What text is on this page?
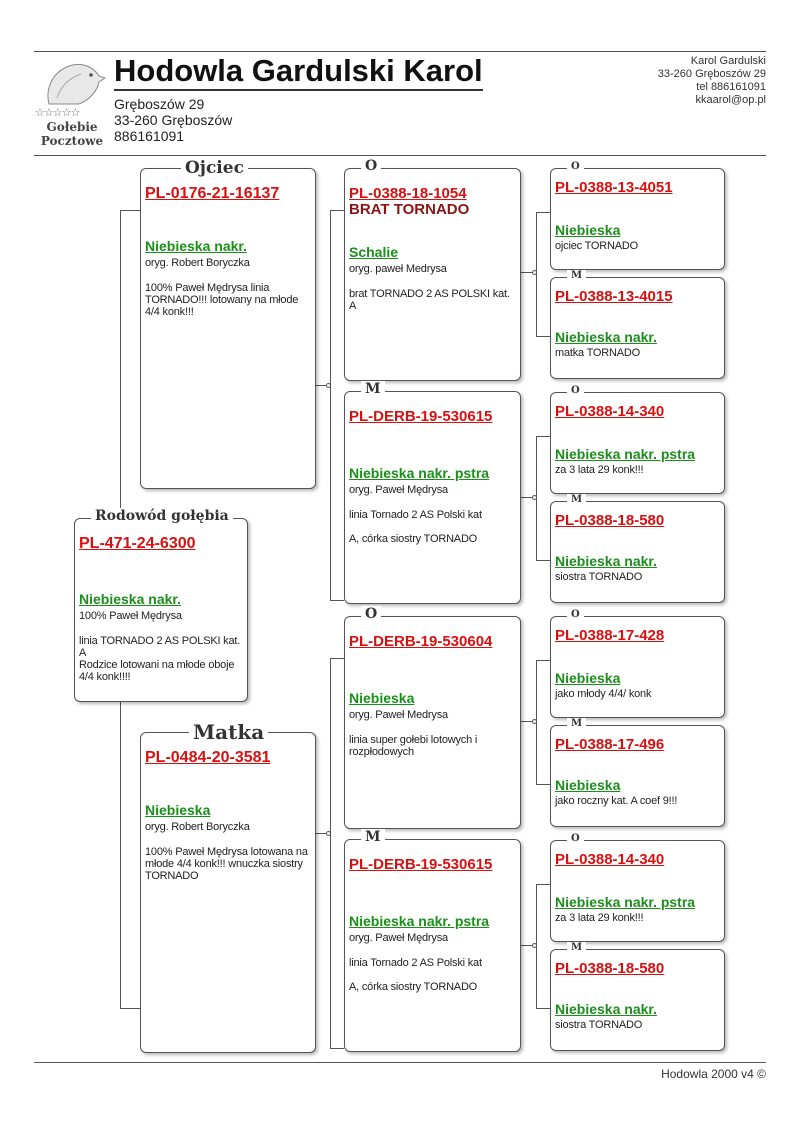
☆☆☆☆☆
Gołebie
Pocztowe
Hodowla Gardulski Karol
Gręboszów 29
33-260 Gręboszów
886161091
Karol Gardulski
33-260 Gręboszów 29
tel 886161091
kkaarol@op.pl
Rodowód gołębia
PL-471-24-6300
Niebieska nakr.
100% Paweł Mędrysa
linia TORNADO 2 AS POLSKI kat. A
Rodzice lotowani na młode oboje 4/4 konk!!!!
Ojciec
PL-0176-21-16137
Niebieska nakr.
oryg. Robert Boryczka
100% Paweł Mędrysa linia TORNADO!!! lotowany na młode 4/4 konk!!!
Matka
PL-0484-20-3581
Niebieska
oryg. Robert Boryczka
100% Paweł Mędrysa lotowana na młode 4/4 konk!!! wnuczka siostry TORNADO
O
PL-0388-18-1054
BRAT TORNADO
Schalie
oryg. paweł Medrysa
brat TORNADO 2 AS POLSKI kat. A
M
PL-DERB-19-530615
Niebieska nakr. pstra
oryg. Paweł Mędrysa
linia Tornado 2 AS Polski kat

A, córka siostry TORNADO
O
PL-DERB-19-530604
Niebieska
oryg. Paweł Medrysa
linia super gołebi lotowych i rozpłodowych
M
PL-DERB-19-530615
Niebieska nakr. pstra
oryg. Paweł Mędrysa
linia Tornado 2 AS Polski kat

A, córka siostry TORNADO
O
PL-0388-13-4051
Niebieska
ojciec TORNADO
M
PL-0388-13-4015
Niebieska nakr.
matka TORNADO
O
PL-0388-14-340
Niebieska nakr. pstra
za 3 lata 29 konk!!!
M
PL-0388-18-580
Niebieska nakr.
siostra TORNADO
O
PL-0388-17-428
Niebieska
jako młody 4/4/ konk
M
PL-0388-17-496
Niebieska
jako roczny kat. A coef 9!!!
O
PL-0388-14-340
Niebieska nakr. pstra
za 3 lata 29 konk!!!
M
PL-0388-18-580
Niebieska nakr.
siostra TORNADO
Hodowla 2000 v4 ©
